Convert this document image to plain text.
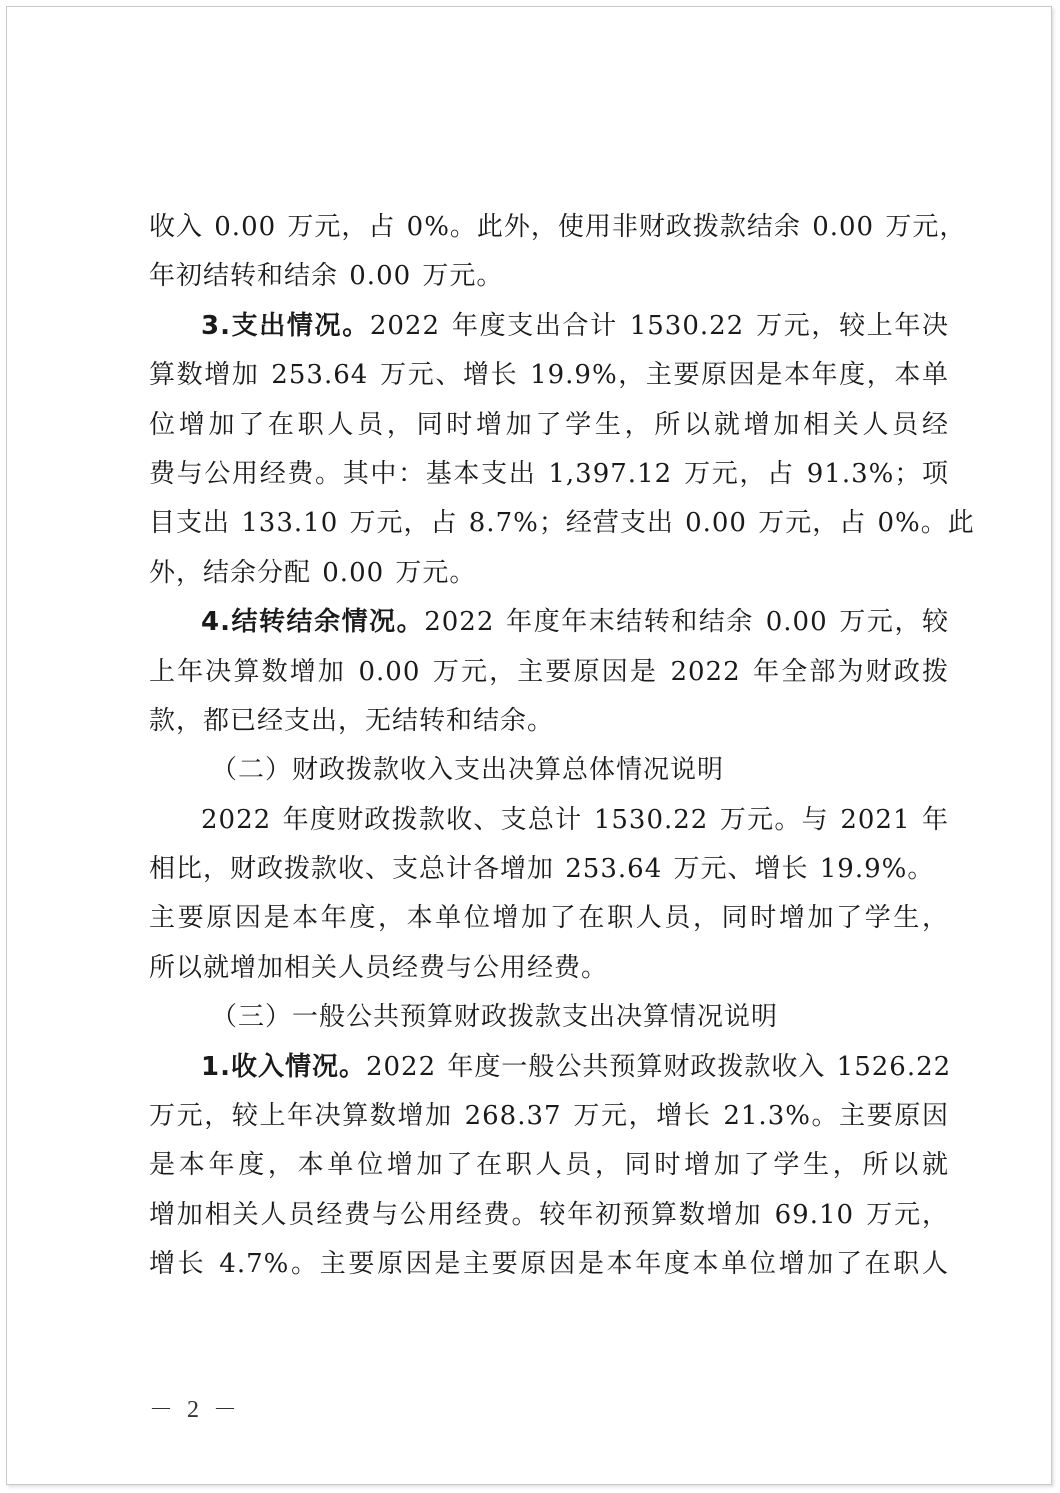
收入 0.00 万元，占 0%。此外，使用非财政拨款结余 0.00 万元，
年初结转和结余 0.00 万元。
3.支出情况。2022 年度支出合计 1530.22 万元，较上年决
算数增加 253.64 万元、增长 19.9%，主要原因是本年度，本单
位增加了在职人员，同时增加了学生，所以就增加相关人员经
费与公用经费。其中：基本支出 1,397.12 万元，占 91.3%；项
目支出 133.10 万元，占 8.7%；经营支出 0.00 万元，占 0%。此
外，结余分配 0.00 万元。
4.结转结余情况。2022 年度年末结转和结余 0.00 万元，较
上年决算数增加 0.00 万元，主要原因是 2022 年全部为财政拨
款，都已经支出，无结转和结余。
（二）财政拨款收入支出决算总体情况说明
2022 年度财政拨款收、支总计 1530.22 万元。与 2021 年
相比，财政拨款收、支总计各增加 253.64 万元、增长 19.9%。
主要原因是本年度，本单位增加了在职人员，同时增加了学生，
所以就增加相关人员经费与公用经费。
（三）一般公共预算财政拨款支出决算情况说明
1.收入情况。2022 年度一般公共预算财政拨款收入 1526.22
万元，较上年决算数增加 268.37 万元，增长 21.3%。主要原因
是本年度，本单位增加了在职人员，同时增加了学生，所以就
增加相关人员经费与公用经费。较年初预算数增加 69.10 万元，
增长 4.7%。主要原因是主要原因是本年度本单位增加了在职人
－ 2 －
